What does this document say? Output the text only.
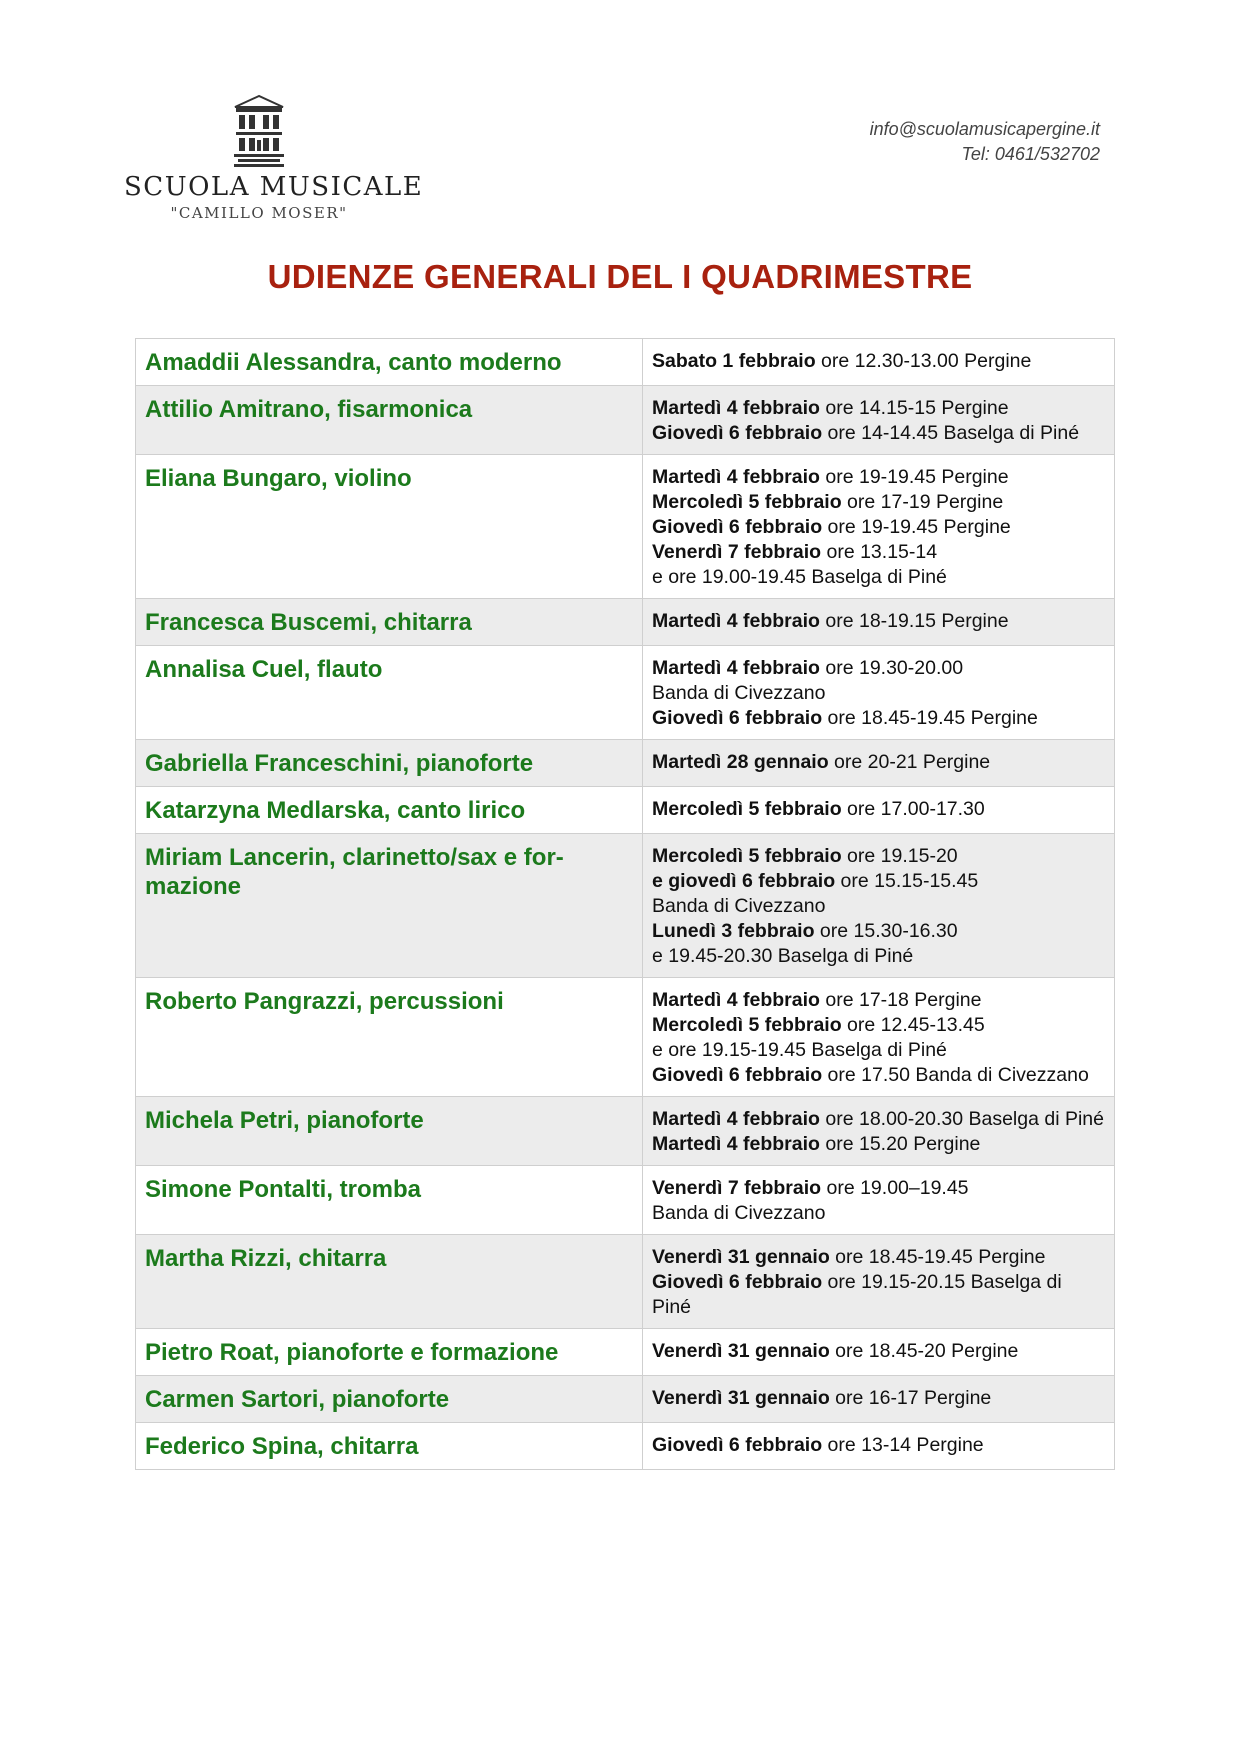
SCUOLA MUSICALE
"CAMILLO MOSER"
info@scuolamusicapergine.it
Tel: 0461/532702
UDIENZE GENERALI DEL I QUADRIMESTRE
Amaddii Alessandra, canto moderno	Sabato 1 febbraio ore 12.30-13.00 Pergine

Attilio Amitrano, fisarmonica	Martedì 4 febbraio ore 14.15-15 Pergine
Giovedì 6 febbraio ore 14-14.45 Baselga di Piné

Eliana Bungaro, violino	Martedì 4 febbraio ore 19-19.45 Pergine
Mercoledì 5 febbraio ore 17-19 Pergine
Giovedì 6 febbraio ore 19-19.45 Pergine
Venerdì 7 febbraio ore 13.15-14
e ore 19.00-19.45 Baselga di Piné

Francesca Buscemi, chitarra	Martedì 4 febbraio ore 18-19.15 Pergine

Annalisa Cuel, flauto	Martedì 4 febbraio ore 19.30-20.00
Banda di Civezzano
Giovedì 6 febbraio ore 18.45-19.45 Pergine

Gabriella Franceschini, pianoforte	Martedì 28 gennaio ore 20-21 Pergine

Katarzyna Medlarska, canto lirico	Mercoledì 5 febbraio ore 17.00-17.30

Miriam Lancerin, clarinetto/sax e for-mazione	Mercoledì 5 febbraio ore 19.15-20
e giovedì 6 febbraio ore 15.15-15.45
Banda di Civezzano
Lunedì 3 febbraio ore 15.30-16.30
e 19.45-20.30 Baselga di Piné

Roberto Pangrazzi, percussioni	Martedì 4 febbraio ore 17-18 Pergine
Mercoledì 5 febbraio ore 12.45-13.45
e ore 19.15-19.45 Baselga di Piné
Giovedì 6 febbraio ore 17.50 Banda di Civezzano

Michela Petri, pianoforte	Martedì 4 febbraio ore 18.00-20.30 Baselga di Piné
Martedì 4 febbraio ore 15.20 Pergine

Simone Pontalti, tromba	Venerdì 7 febbraio ore 19.00–19.45
Banda di Civezzano

Martha Rizzi, chitarra	Venerdì 31 gennaio ore 18.45-19.45 Pergine
Giovedì 6 febbraio ore 19.15-20.15 Baselga di Piné

Pietro Roat, pianoforte e formazione	Venerdì 31 gennaio ore 18.45-20 Pergine

Carmen Sartori, pianoforte	Venerdì 31 gennaio ore 16-17 Pergine

Federico Spina, chitarra	Giovedì 6 febbraio ore 13-14 Pergine
